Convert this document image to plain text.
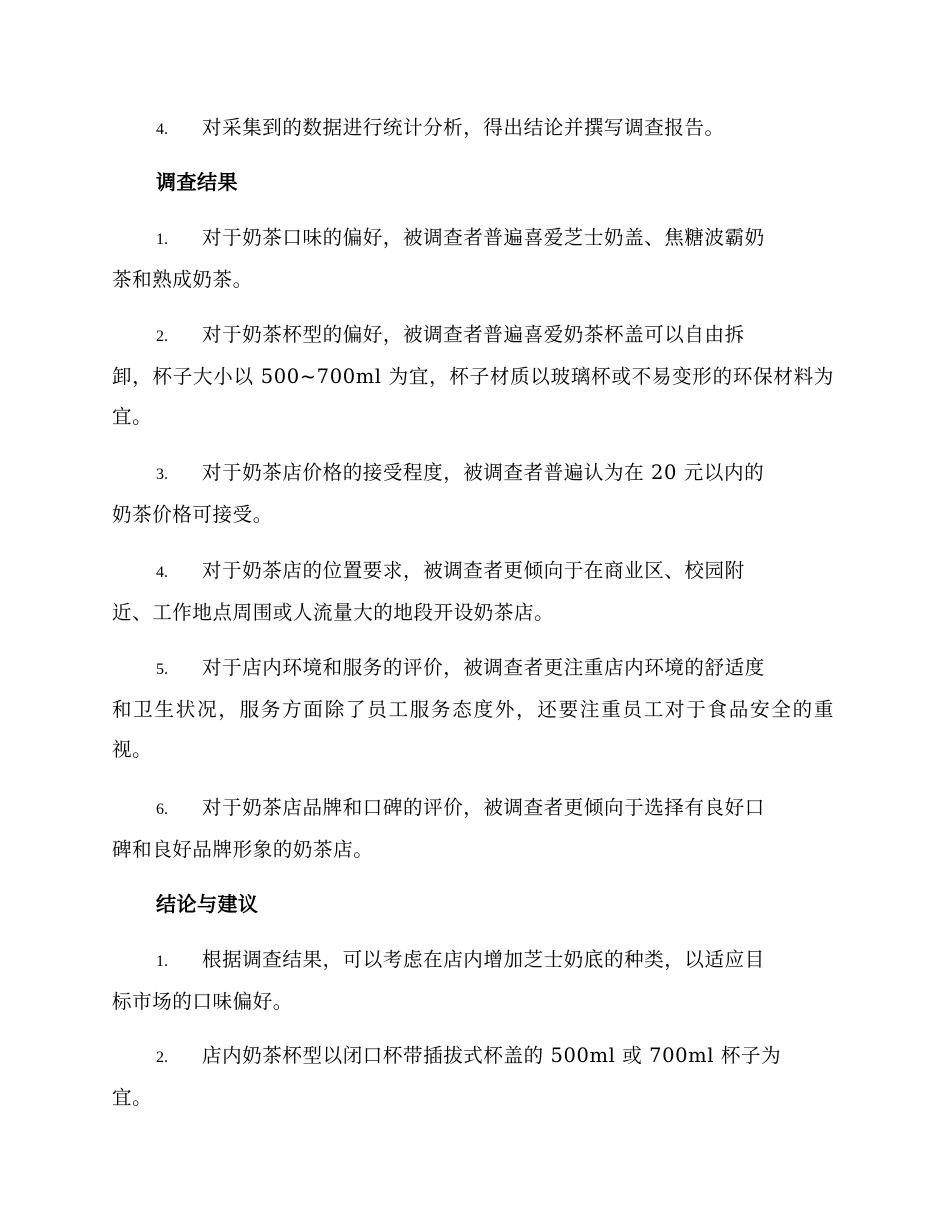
4. 对采集到的数据进行统计分析，得出结论并撰写调查报告。
调查结果
1. 对于奶茶口味的偏好，被调查者普遍喜爱芝士奶盖、焦糖波霸奶
茶和熟成奶茶。
2. 对于奶茶杯型的偏好，被调查者普遍喜爱奶茶杯盖可以自由拆
卸，杯子大小以 500~700ml 为宜，杯子材质以玻璃杯或不易变形的环保材料为宜。
3. 对于奶茶店价格的接受程度，被调查者普遍认为在 20 元以内的
奶茶价格可接受。
4. 对于奶茶店的位置要求，被调查者更倾向于在商业区、校园附
近、工作地点周围或人流量大的地段开设奶茶店。
5. 对于店内环境和服务的评价，被调查者更注重店内环境的舒适度
和卫生状况，服务方面除了员工服务态度外，还要注重员工对于食品安全的重视。
6. 对于奶茶店品牌和口碑的评价，被调查者更倾向于选择有良好口
碑和良好品牌形象的奶茶店。
结论与建议
1. 根据调查结果，可以考虑在店内增加芝士奶底的种类，以适应目
标市场的口味偏好。
2. 店内奶茶杯型以闭口杯带插拔式杯盖的 500ml 或 700ml 杯子为
宜。
